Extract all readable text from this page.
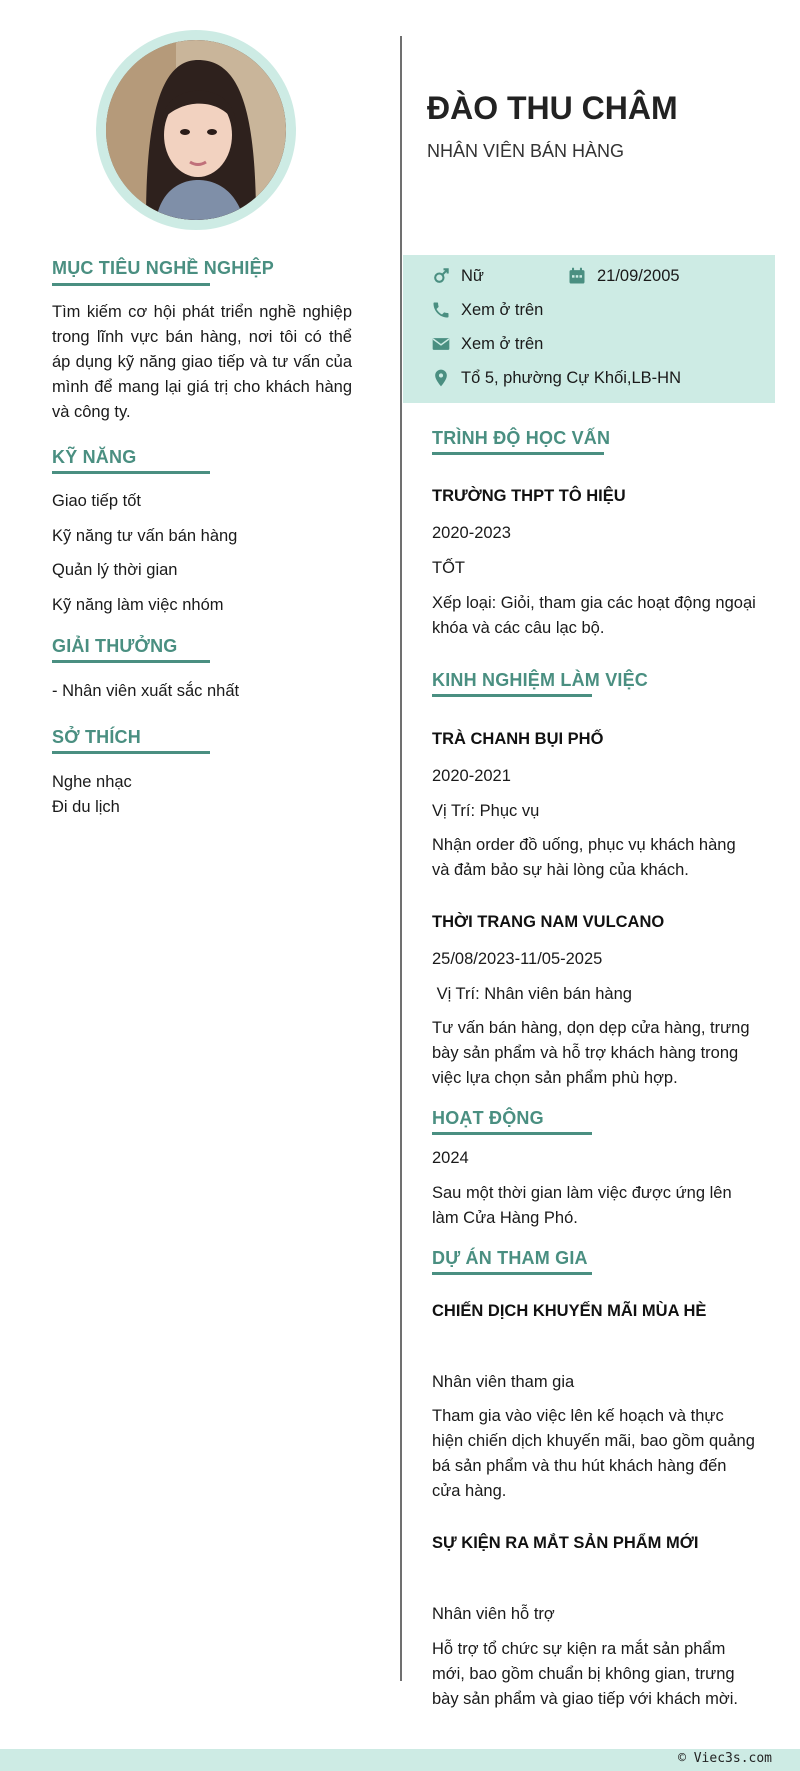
MỤC TIÊU NGHỀ NGHIỆP
Tìm kiếm cơ hội phát triển nghề nghiệp trong lĩnh vực bán hàng, nơi tôi có thể áp dụng kỹ năng giao tiếp và tư vấn của mình để mang lại giá trị cho khách hàng và công ty.
KỸ NĂNG
Giao tiếp tốt
Kỹ năng tư vấn bán hàng
Quản lý thời gian
Kỹ năng làm việc nhóm
GIẢI THƯỞNG
- Nhân viên xuất sắc nhất
SỞ THÍCH
Nghe nhạc
Đi du lịch
ĐÀO THU CHÂM
NHÂN VIÊN BÁN HÀNG
Nữ	21/09/2005
Xem ở trên
Xem ở trên
Tổ 5, phường Cự Khối,LB-HN
TRÌNH ĐỘ HỌC VẤN
TRƯỜNG THPT TÔ HIỆU
2020-2023
TỐT
Xếp loại: Giỏi, tham gia các hoạt động ngoại khóa và các câu lạc bộ.
KINH NGHIỆM LÀM VIỆC
TRÀ CHANH BỤI PHỐ
2020-2021
Vị Trí: Phục vụ
Nhận order đồ uống, phục vụ khách hàng và đảm bảo sự hài lòng của khách.
THỜI TRANG NAM VULCANO
25/08/2023-11/05-2025
Vị Trí: Nhân viên bán hàng
Tư vấn bán hàng, dọn dẹp cửa hàng, trưng bày sản phẩm và hỗ trợ khách hàng trong việc lựa chọn sản phẩm phù hợp.
HOẠT ĐỘNG
2024
Sau một thời gian làm việc được ứng lên làm Cửa Hàng Phó.
DỰ ÁN THAM GIA
CHIẾN DỊCH KHUYẾN MÃI MÙA HÈ
Nhân viên tham gia
Tham gia vào việc lên kế hoạch và thực hiện chiến dịch khuyến mãi, bao gồm quảng bá sản phẩm và thu hút khách hàng đến cửa hàng.
SỰ KIỆN RA MẮT SẢN PHẨM MỚI
Nhân viên hỗ trợ
Hỗ trợ tổ chức sự kiện ra mắt sản phẩm mới, bao gồm chuẩn bị không gian, trưng bày sản phẩm và giao tiếp với khách mời.
© Viec3s.com
